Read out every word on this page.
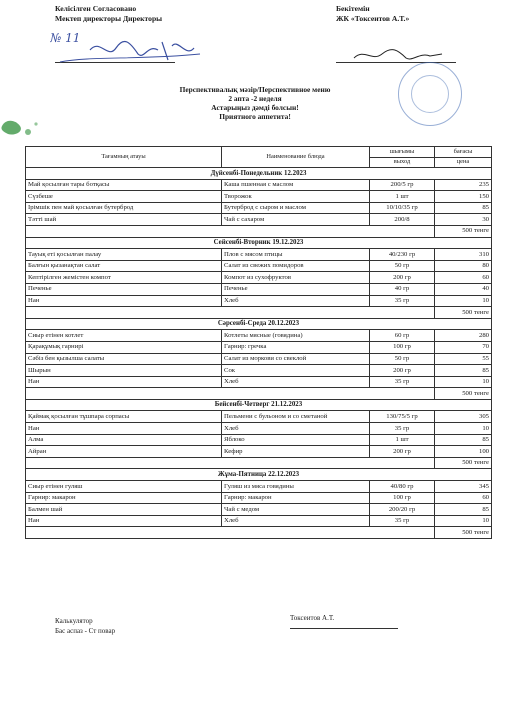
Келісілген Согласовано
Мектеп дирeктopы Директоры
№ 11
Бекітемін
ЖК «Токсеитов А.Т.»
Перспективалық мәзір/Перспективное меню
2 апта -2 неделя
Астарыңыз дәмді болсын!
Приятного аппетита!
Тағамның атауы	Наименование блюда	шығымы	бағасы
		выход	цена
Дүйсенбі-Понедельник 12.2023			
Май қосылған тары ботқасы	Каша пшенная с маслом	200/5 гр	235
Сүзбеше	Творожок	1 шт	150
Ірімшік пен май қосылған бутерброд	Бутерброд с сыром и маслом	10/10/35 гр	85
Тәтті шай	Чай с сахаром	200/8	30
			500 тенге
Сейсенбі-Вторник 19.12.2023			
Тауық еті қосылған палау	Плов с мясом птицы	40/230 гр	310
Балғын қызанақтан салат	Салат из свежих помидоров	50 гр	80
Кептірілген жемістен компот	Компот из сухофруктов	200 гр	60
Печенье	Печенье	40 гр	40
Нан	Хлеб	35 гр	10
			500 тенге
Сәрсенбі-Среда 20.12.2023			
Сиыр етінен котлет	Котлеты мясные (говядина)	60 гр	280
Қарақұмық гарнирі	Гарнир: гречка	100 гр	70
Сәбіз бен қызылша салаты	Салат из моркови со свеклой	50 гр	55
Шырын	Сок	200 гр	85
Нан	Хлеб	35 гр	10
			500 тенге
Бейсенбі-Четверг 21.12.2023			
Қаймақ қосылған тұшпара сорпасы	Пельмени с бульоном и со сметаной	130/75/5 гр	305
Нан	Хлеб	35 гр	10
Алма	Яблоко	1 шт	85
Айран	Кефир	200 гр	100
			500 тенге
Жұма-Пятница 22.12.2023			
Сиыр етінен гуляш	Гуляш из мяса говядины	40/80 гр	345
Гарнир: макарон	Гарнир: макарон	100 гр	60
Балмен шай	Чай с медом	200/20 гр	85
Нан	Хлеб	35 гр	10
			500 тенге
Калькулятор
Бас аспаз - Ст повар
Токсеитов А.Т.
